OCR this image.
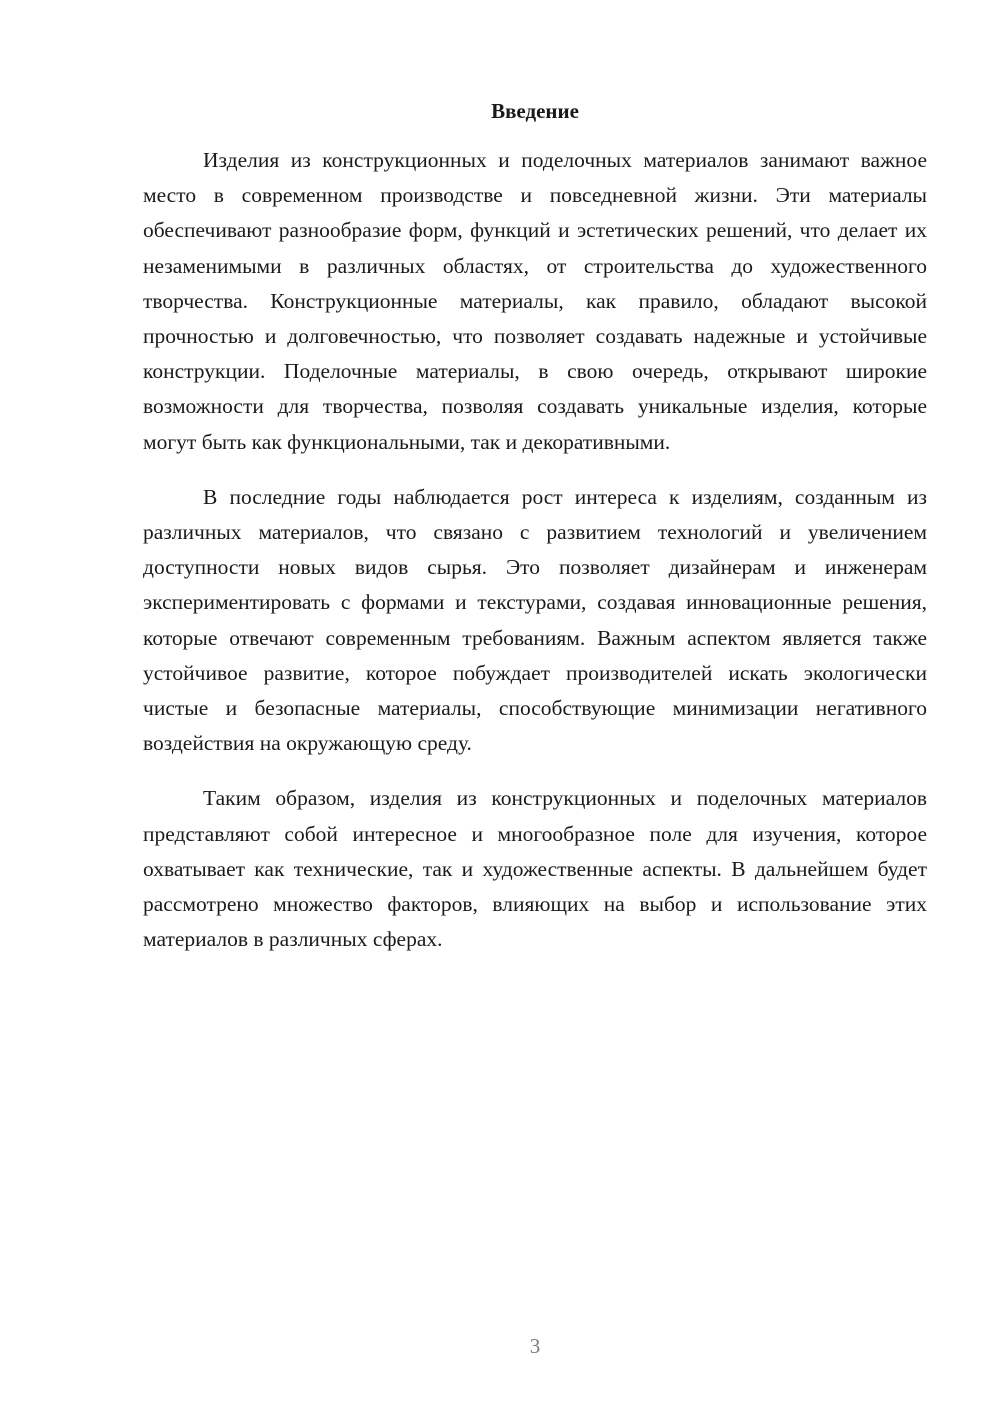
Введение

Изделия из конструкционных и поделочных материалов занимают важное место в современном производстве и повседневной жизни. Эти материалы обеспечивают разнообразие форм, функций и эстетических решений, что делает их незаменимыми в различных областях, от строительства до художественного творчества. Конструкционные материалы, как правило, обладают высокой прочностью и долговечностью, что позволяет создавать надежные и устойчивые конструкции. Поделочные материалы, в свою очередь, открывают широкие возможности для творчества, позволяя создавать уникальные изделия, которые могут быть как функциональными, так и декоративными.

В последние годы наблюдается рост интереса к изделиям, созданным из различных материалов, что связано с развитием технологий и увеличением доступности новых видов сырья. Это позволяет дизайнерам и инженерам экспериментировать с формами и текстурами, создавая инновационные решения, которые отвечают современным требованиям. Важным аспектом является также устойчивое развитие, которое побуждает производителей искать экологически чистые и безопасные материалы, способствующие минимизации негативного воздействия на окружающую среду.

Таким образом, изделия из конструкционных и поделочных материалов представляют собой интересное и многообразное поле для изучения, которое охватывает как технические, так и художественные аспекты. В дальнейшем будет рассмотрено множество факторов, влияющих на выбор и использование этих материалов в различных сферах.

3
